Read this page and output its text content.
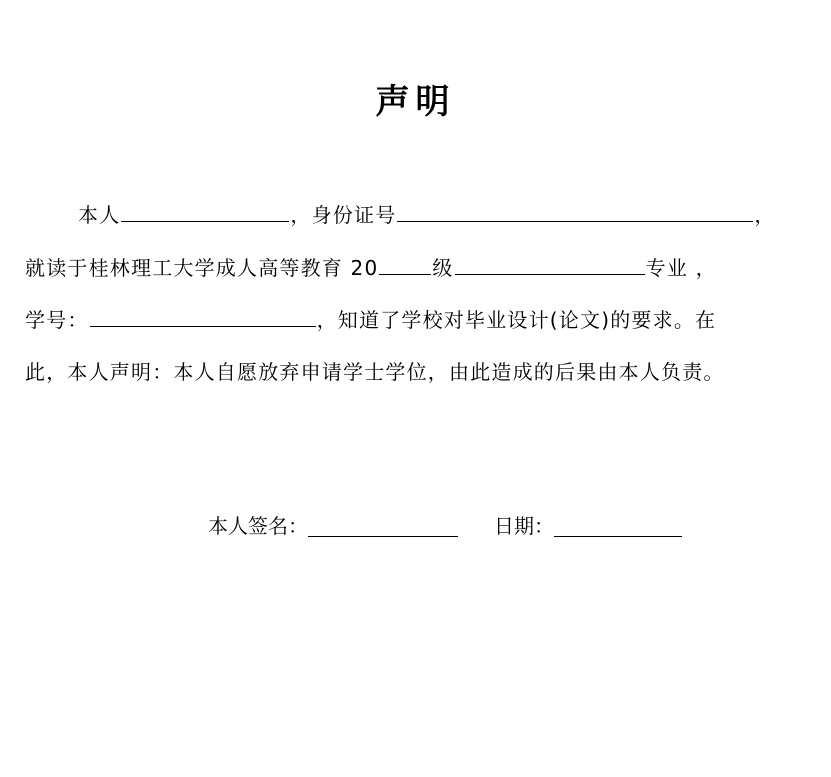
声明
本人	，身份证号	，
就读于桂林理工大学成人高等教育 20	级	专业 ，
学号：	，知道了学校对毕业设计(论文)的要求。在
此，本人声明：本人自愿放弃申请学士学位，由此造成的后果由本人负责。
本人签名：	日期：
